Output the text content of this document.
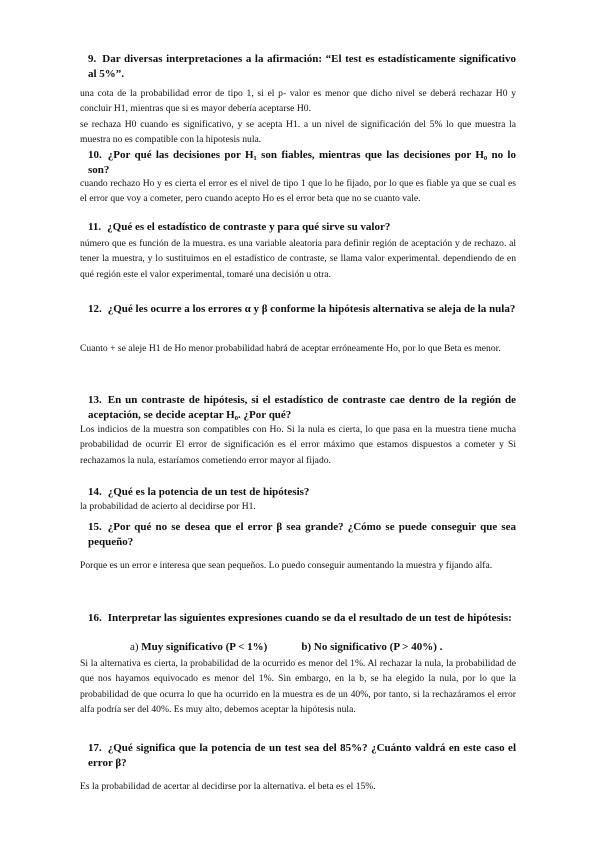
9. Dar diversas interpretaciones a la afirmación: “El test es estadísticamente significativo al 5%”.
una cota de la probabilidad error de tipo 1, si el p- valor es menor que dicho nivel se deberá rechazar H0 y concluir H1, mientras que si es mayor debería aceptarse H0.
se rechaza H0 cuando es significativo, y se acepta H1. a un nivel de significación del 5% lo que muestra la muestra no es compatible con la hipotesis nula.
10. ¿Por qué las decisiones por H₁ son fiables, mientras que las decisiones por H₀ no lo son?
cuando rechazo Ho y es cierta el error es el nivel de tipo 1 que lo he fijado, por lo que es fiable ya que se cual es el error que voy a cometer, pero cuando acepto Ho es el error beta que no se cuanto vale.
11. ¿Qué es el estadístico de contraste y para qué sirve su valor?
número que es función de la muestra. es una variable aleatoria para definir región de aceptación y de rechazo. al tener la muestra, y lo sustituimos en el estadístico de contraste, se llama valor experimental. dependiendo de en qué región este el valor experimental, tomaré una decisión u otra.
12. ¿Qué les ocurre a los errores α y β conforme la hipótesis alternativa se aleja de la nula?
Cuanto + se aleje H1 de Ho menor probabilidad habrá de aceptar erróneamente Ho, por lo que Beta es menor.
13. En un contraste de hipótesis, si el estadístico de contraste cae dentro de la región de aceptación, se decide aceptar H₀. ¿Por qué?
Los indicios de la muestra son compatibles con Ho. Si la nula es cierta, lo que pasa en la muestra tiene mucha probabilidad de ocurrir El error de significación es el error máximo que estamos dispuestos a cometer y Si rechazamos la nula, estaríamos cometiendo error mayor al fijado.
14. ¿Qué es la potencia de un test de hipótesis?
la probabilidad de acierto al decidirse por H1.
15. ¿Por qué no se desea que el error β sea grande? ¿Cómo se puede conseguir que sea pequeño?
Porque es un error e interesa que sean pequeños. Lo puedo conseguir aumentando la muestra y fijando alfa.
16. Interpretar las siguientes expresiones cuando se da el resultado de un test de hipótesis:
a) Muy significativo (P < 1%)	b) No significativo (P > 40%) .
Si la alternativa es cierta, la probabilidad de la ocurrido es menor del 1%. Al rechazar la nula, la probabilidad de que nos hayamos equivocado es menor del 1%. Sin embargo, en la b, se ha elegido la nula, por lo que la probabilidad de que ocurra lo que ha ocurrido en la muestra es de un 40%, por tanto, si la rechazáramos el error alfa podría ser del 40%. Es muy alto, debemos aceptar la hipótesis nula.
17. ¿Qué significa que la potencia de un test sea del 85%? ¿Cuánto valdrá en este caso el error β?
Es la probabilidad de acertar al decidirse por la alternativa. el beta es el 15%.
